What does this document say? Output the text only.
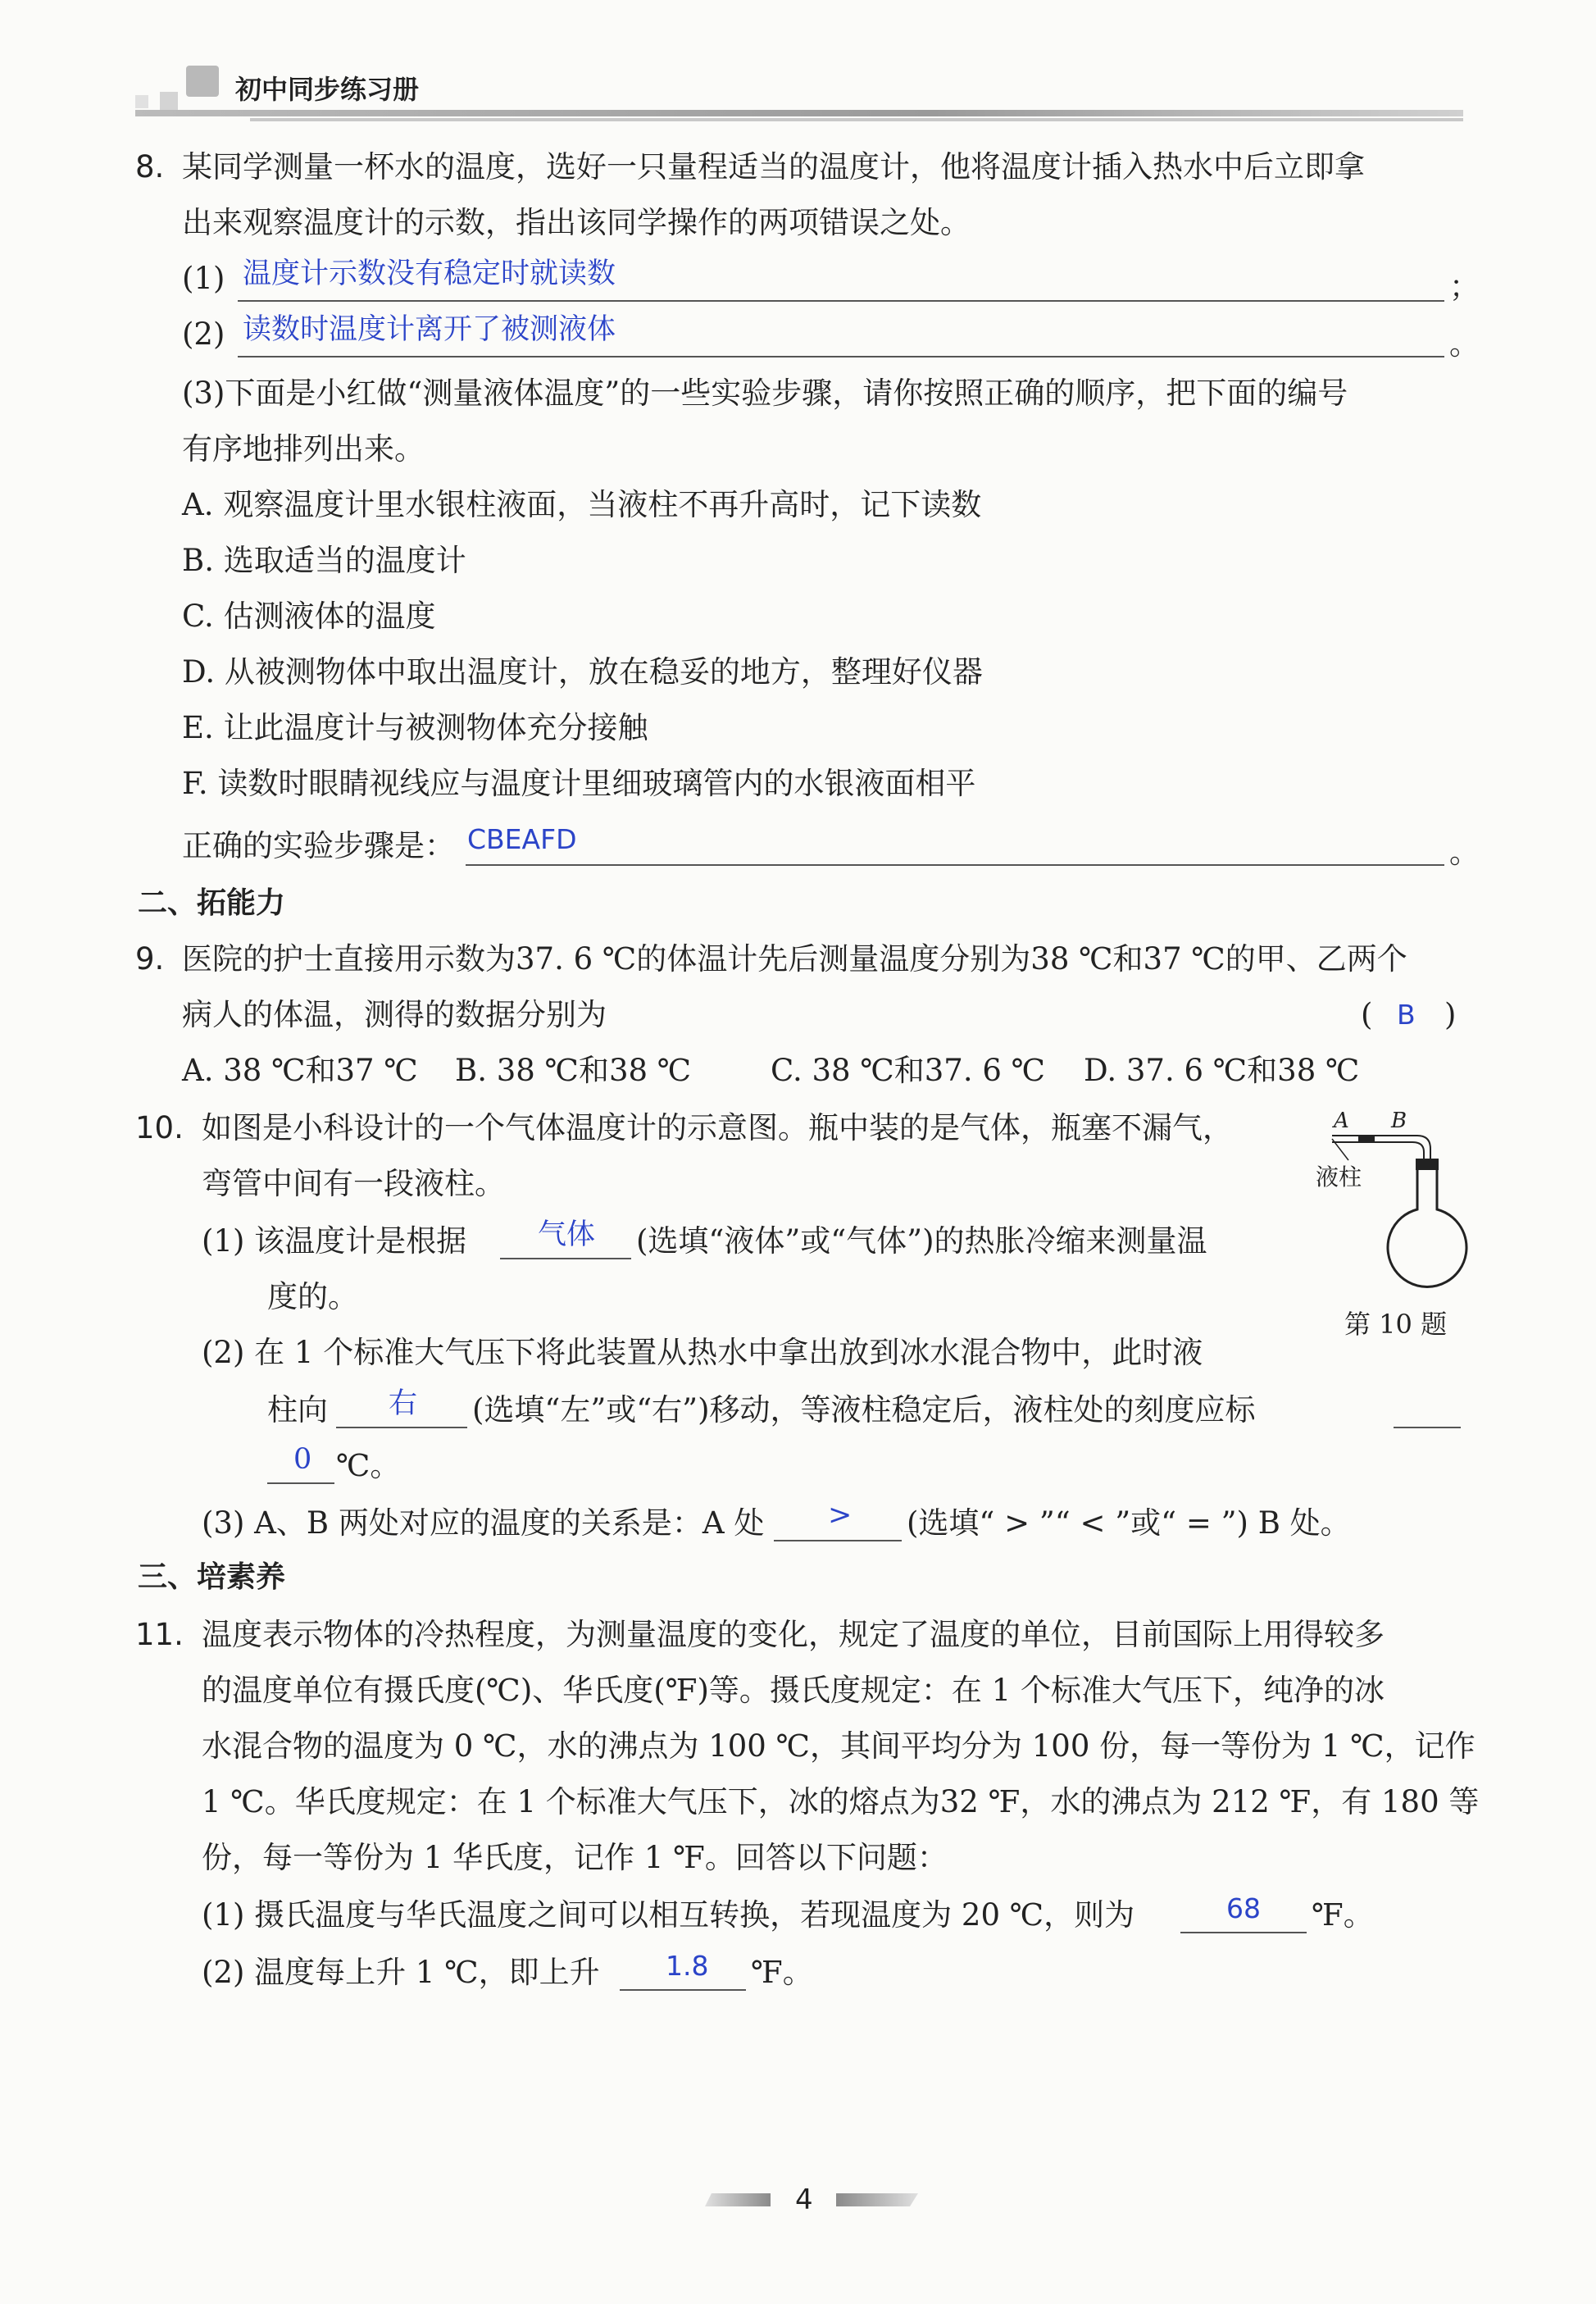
初中同步练习册
8. 某同学测量一杯水的温度，选好一只量程适当的温度计，他将温度计插入热水中后立即拿
出来观察温度计的示数，指出该同学操作的两项错误之处。
(1) 温度计示数没有稳定时就读数	；
(2) 读数时温度计离开了被测液体	。
(3)下面是小红做“测量液体温度”的一些实验步骤，请你按照正确的顺序，把下面的编号
有序地排列出来。
A. 观察温度计里水银柱液面，当液柱不再升高时，记下读数
B. 选取适当的温度计
C. 估测液体的温度
D. 从被测物体中取出温度计，放在稳妥的地方，整理好仪器
E. 让此温度计与被测物体充分接触
F. 读数时眼睛视线应与温度计里细玻璃管内的水银液面相平
正确的实验步骤是： CBEAFD	。
二、拓能力
9. 医院的护士直接用示数为37. 6 ℃的体温计先后测量温度分别为38 ℃和37 ℃的甲、乙两个
病人的体温，测得的数据分别为	( B )
A. 38 ℃和37 ℃ B. 38 ℃和38 ℃	C. 38 ℃和37. 6 ℃ D. 37. 6 ℃和38 ℃
10. 如图是小科设计的一个气体温度计的示意图。瓶中装的是气体，瓶塞不漏气，
弯管中间有一段液柱。
(1) 该温度计是根据 气体 (选填“液体”或“气体”)的热胀冷缩来测量温
度的。
(2) 在 1 个标准大气压下将此装置从热水中拿出放到冰水混合物中，此时液
柱向 右 (选填“左”或“右”)移动，等液柱稳定后，液柱处的刻度应标
0 ℃。
(3) A、B 两处对应的温度的关系是：A 处 > (选填“ > ”“ < ”或“ = ”) B 处。
A B
液柱
第 10 题
三、培素养
11. 温度表示物体的冷热程度，为测量温度的变化，规定了温度的单位，目前国际上用得较多
的温度单位有摄氏度(℃)、华氏度(℉)等。摄氏度规定：在 1 个标准大气压下，纯净的冰
水混合物的温度为 0 ℃，水的沸点为 100 ℃，其间平均分为 100 份，每一等份为 1 ℃，记作
1 ℃。华氏度规定：在 1 个标准大气压下，冰的熔点为32 ℉，水的沸点为 212 ℉，有 180 等
份，每一等份为 1 华氏度，记作 1 ℉。回答以下问题：
(1) 摄氏温度与华氏温度之间可以相互转换，若现温度为 20 ℃，则为	68 ℉。
(2) 温度每上升 1 ℃，即上升 1.8 ℉。
4
